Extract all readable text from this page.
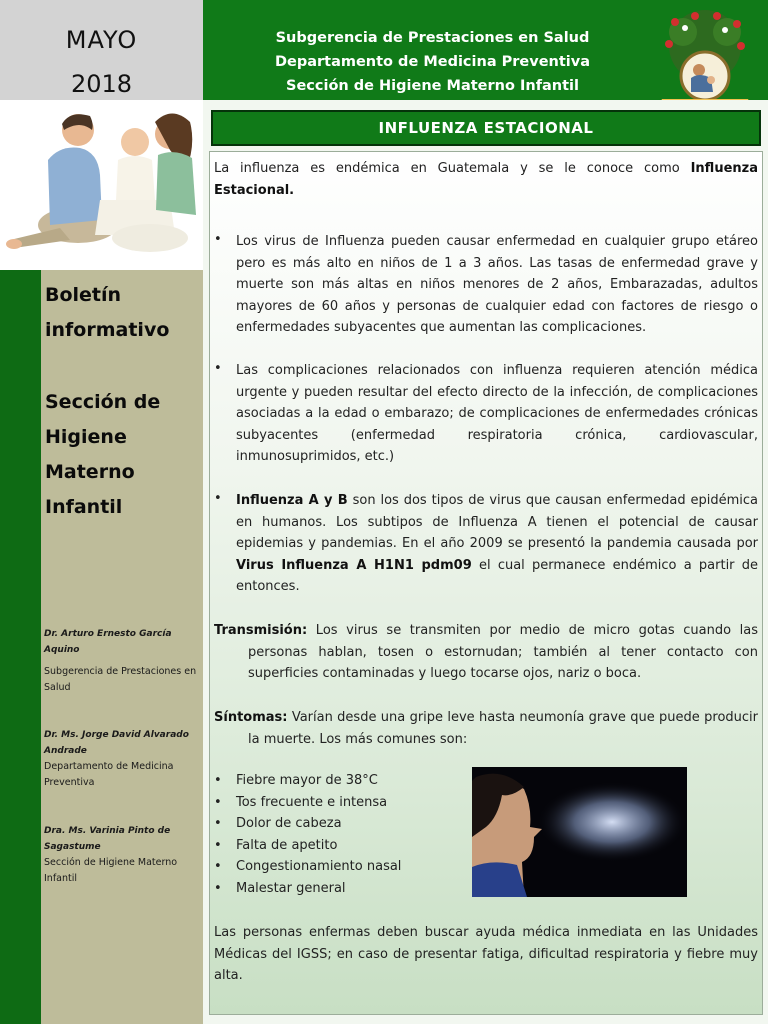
MAYO
2018
Boletín
informativo
Sección de
Higiene
Materno
Infantil
Dr. Arturo Ernesto García Aquino
Subgerencia de Prestaciones en Salud
Dr. Ms. Jorge David Alvarado Andrade
Departamento de Medicina Preventiva
Dra. Ms. Varinia Pinto de Sagastume
Sección de Higiene Materno Infantil
Subgerencia de Prestaciones en Salud
Departamento de Medicina Preventiva
Sección de Higiene Materno Infantil
INFLUENZA ESTACIONAL
La influenza es endémica en Guatemala y se le conoce como Influenza Estacional.
• Los virus de Influenza pueden causar enfermedad en cualquier grupo etáreo pero es más alto en niños de 1 a 3 años. Las tasas de enfermedad grave y muerte son más altas en niños menores de 2 años, Embarazadas, adultos mayores de 60 años y personas de cualquier edad con factores de riesgo o enfermedades subyacentes que aumentan las complicaciones.
• Las complicaciones relacionados con influenza requieren atención médica urgente y pueden resultar del efecto directo de la infección, de complicaciones asociadas a la edad o embarazo; de complicaciones de enfermedades crónicas subyacentes (enfermedad respiratoria crónica, cardiovascular, inmunosuprimidos, etc.)
• Influenza A y B son los dos tipos de virus que causan enfermedad epidémica en humanos. Los subtipos de Influenza A tienen el potencial de causar epidemias y pandemias. En el año 2009 se presentó la pandemia causada por Virus Influenza A H1N1 pdm09 el cual permanece endémico a partir de entonces.
Transmisión: Los virus se transmiten por medio de micro gotas cuando las personas hablan, tosen o estornudan; también al tener contacto con superficies contaminadas y luego tocarse ojos, nariz o boca.
Síntomas: Varían desde una gripe leve hasta neumonía grave que puede producir la muerte. Los más comunes son:
• Fiebre mayor de 38°C
• Tos frecuente e intensa
• Dolor de cabeza
• Falta de apetito
• Congestionamiento nasal
• Malestar general
Las personas enfermas deben buscar ayuda médica inmediata en las Unidades Médicas del IGSS; en caso de presentar fatiga, dificultad respiratoria y fiebre muy alta.
